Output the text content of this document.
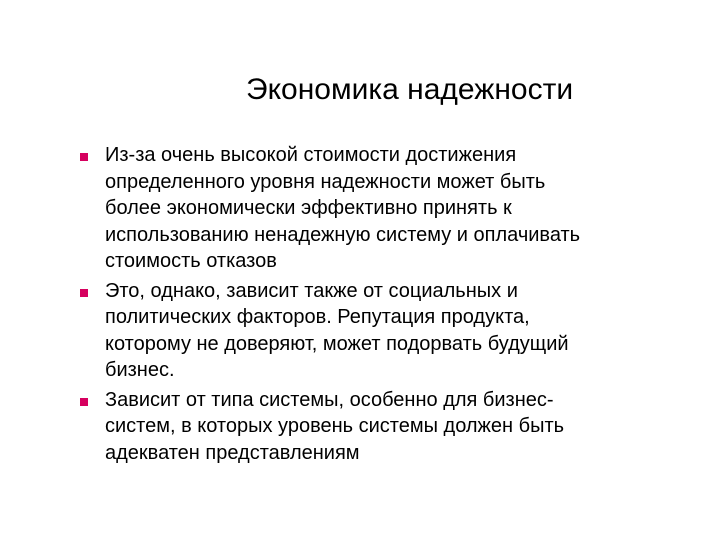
Экономика надежности
Из-за очень высокой стоимости достижения
определенного уровня надежности может быть
более экономически эффективно принять к
использованию ненадежную систему и оплачивать
стоимость отказов
Это, однако, зависит также от социальных и
политических факторов. Репутация продукта,
которому не доверяют, может подорвать будущий
бизнес.
Зависит от типа системы, особенно для бизнес-
систем, в которых уровень системы должен быть
адекватен представлениям
